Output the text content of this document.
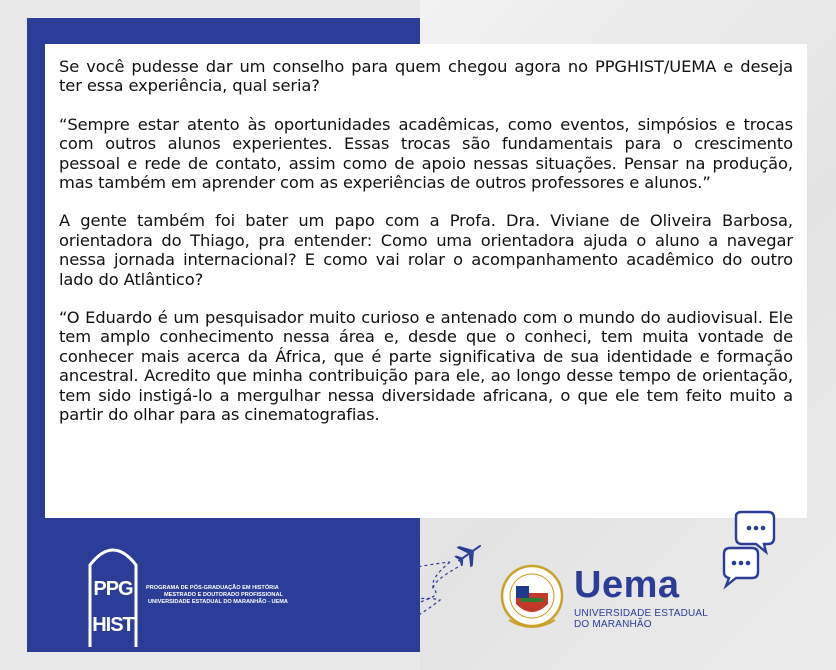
Se você pudesse dar um conselho para quem chegou agora no PPGHIST/UEMA e deseja ter essa experiência, qual seria?

“Sempre estar atento às oportunidades acadêmicas, como eventos, simpósios e trocas com outros alunos experientes. Essas trocas são fundamentais para o crescimento pessoal e rede de contato, assim como de apoio nessas situações. Pensar na produção, mas também em aprender com as experiências de outros professores e alunos.”

A gente também foi bater um papo com a Profa. Dra. Viviane de Oliveira Barbosa, orientadora do Thiago, pra entender: Como uma orientadora ajuda o aluno a navegar nessa jornada internacional? E como vai rolar o acompanhamento acadêmico do outro lado do Atlântico?

“O Eduardo é um pesquisador muito curioso e antenado com o mundo do audiovisual. Ele tem amplo conhecimento nessa área e, desde que o conheci, tem muita vontade de conhecer mais acerca da África, que é parte significativa de sua identidade e formação ancestral. Acredito que minha contribuição para ele, ao longo desse tempo de orientação, tem sido instigá-lo a mergulhar nessa diversidade africana, o que ele tem feito muito a partir do olhar para as cinematografias.

PPG
HIST
PROGRAMA DE PÓS-GRADUAÇÃO EM HISTÓRIA
MESTRADO E DOUTORADO PROFISSIONAL
UNIVERSIDADE ESTADUAL DO MARANHÃO - UEMA	Uema
UNIVERSIDADE ESTADUAL
DO MARANHÃO
